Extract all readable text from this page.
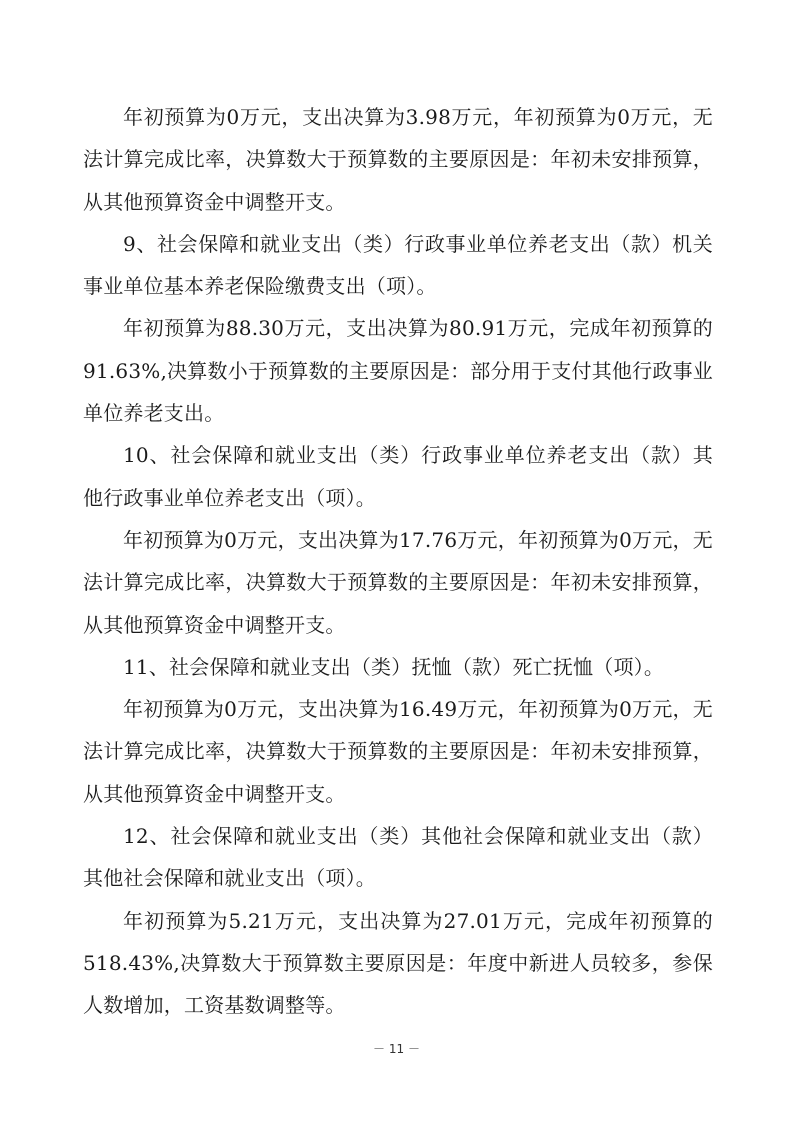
年初预算为0万元，支出决算为3.98万元，年初预算为0万元，无法计算完成比率，决算数大于预算数的主要原因是：年初未安排预算，从其他预算资金中调整开支。

9、社会保障和就业支出（类）行政事业单位养老支出（款）机关事业单位基本养老保险缴费支出（项）。

年初预算为88.30万元，支出决算为80.91万元，完成年初预算的91.63%,决算数小于预算数的主要原因是：部分用于支付其他行政事业单位养老支出。

10、社会保障和就业支出（类）行政事业单位养老支出（款）其他行政事业单位养老支出（项）。

年初预算为0万元，支出决算为17.76万元，年初预算为0万元，无法计算完成比率，决算数大于预算数的主要原因是：年初未安排预算，从其他预算资金中调整开支。

11、社会保障和就业支出（类）抚恤（款）死亡抚恤（项）。

年初预算为0万元，支出决算为16.49万元，年初预算为0万元，无法计算完成比率，决算数大于预算数的主要原因是：年初未安排预算，从其他预算资金中调整开支。

12、社会保障和就业支出（类）其他社会保障和就业支出（款）其他社会保障和就业支出（项）。

年初预算为5.21万元，支出决算为27.01万元，完成年初预算的518.43%,决算数大于预算数主要原因是：年度中新进人员较多，参保人数增加，工资基数调整等。

－ 11 －
